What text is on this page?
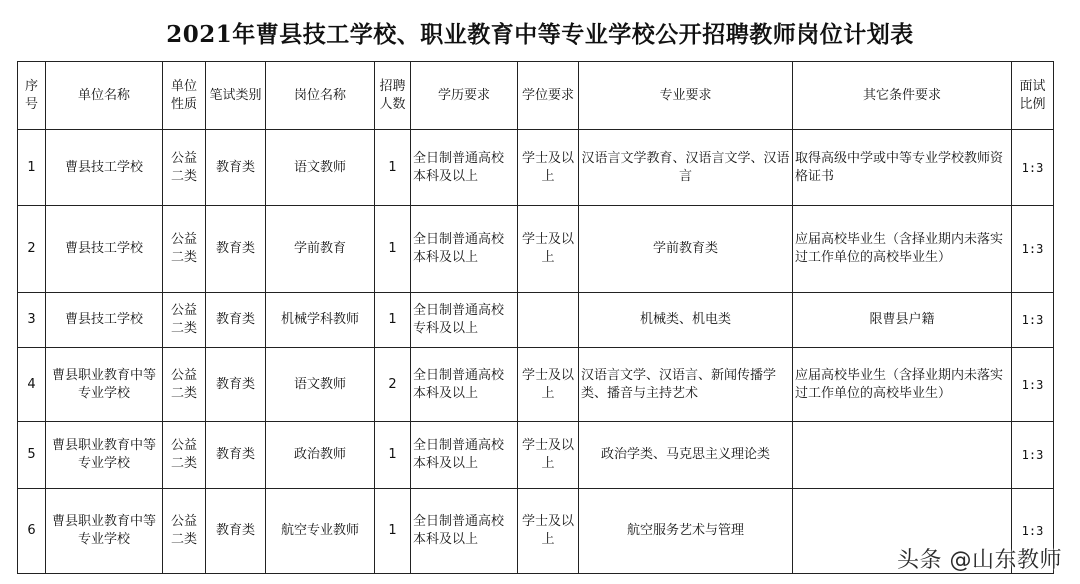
2021年曹县技工学校、职业教育中等专业学校公开招聘教师岗位计划表
序号	单位名称	单位性质	笔试类别	岗位名称	招聘人数	学历要求	学位要求	专业要求	其它条件要求	面试比例
1	曹县技工学校	公益二类	教育类	语文教师	1	全日制普通高校本科及以上	学士及以上	汉语言文学教育、汉语言文学、汉语言	取得高级中学或中等专业学校教师资格证书	1:3
2	曹县技工学校	公益二类	教育类	学前教育	1	全日制普通高校本科及以上	学士及以上	学前教育类	应届高校毕业生（含择业期内未落实过工作单位的高校毕业生）	1:3
3	曹县技工学校	公益二类	教育类	机械学科教师	1	全日制普通高校专科及以上		机械类、机电类	限曹县户籍	1:3
4	曹县职业教育中等专业学校	公益二类	教育类	语文教师	2	全日制普通高校本科及以上	学士及以上	汉语言文学、汉语言、新闻传播学类、播音与主持艺术	应届高校毕业生（含择业期内未落实过工作单位的高校毕业生）	1:3
5	曹县职业教育中等专业学校	公益二类	教育类	政治教师	1	全日制普通高校本科及以上	学士及以上	政治学类、马克思主义理论类		1:3
6	曹县职业教育中等专业学校	公益二类	教育类	航空专业教师	1	全日制普通高校本科及以上	学士及以上	航空服务艺术与管理		1:3
头条 @山东教师
